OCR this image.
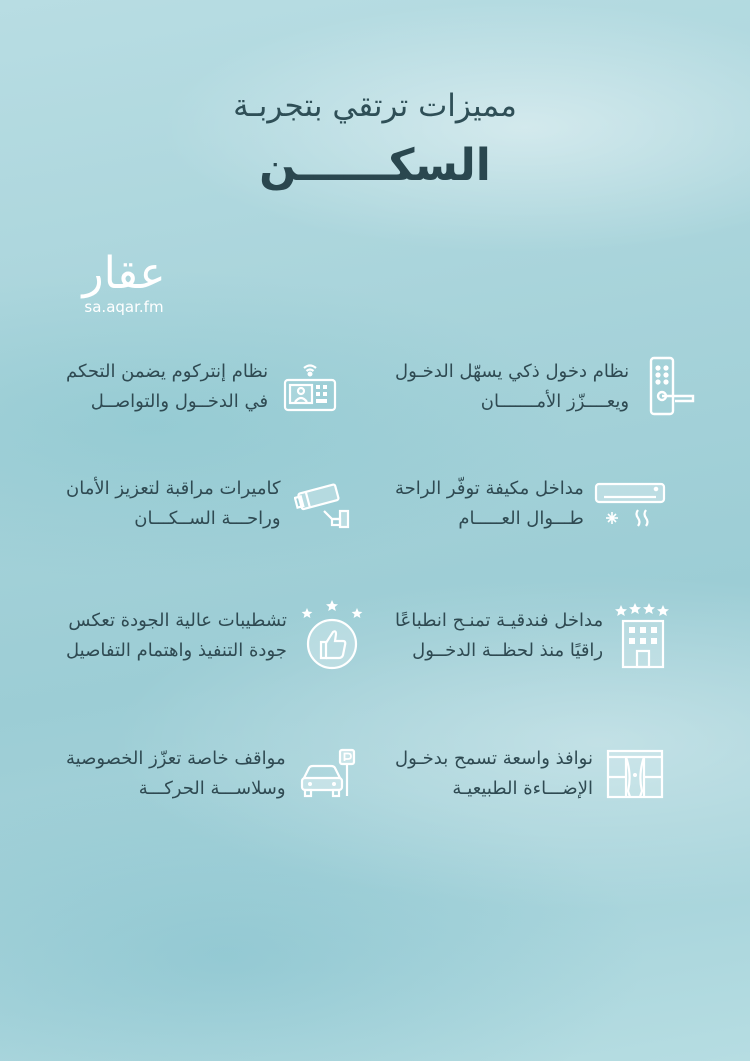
مميزات ترتقي بتجربـة
السكــــــن
عقار
sa.aqar.fm
نظام دخول ذكي يسهّل الدخـول
ويعــــزّز الأمـــــــان
نظام إنتركوم يضمن التحكم
في الدخــول والتواصــل
مداخل مكيفة توفّر الراحة
طـــوال العـــــام
كاميرات مراقبة لتعزيز الأمان
وراحـــة الســكـــان
مداخل فندقيـة تمنـح انطباعًا
راقيًا منذ لحظــة الدخــول
تشطيبات عالية الجودة تعكس
جودة التنفيذ واهتمام التفاصيل
نوافذ واسعة تسمح بدخـول
الإضـــاءة الطبيعيـة
مواقف خاصة تعزّز الخصوصية
وسلاســـة الحركـــة
